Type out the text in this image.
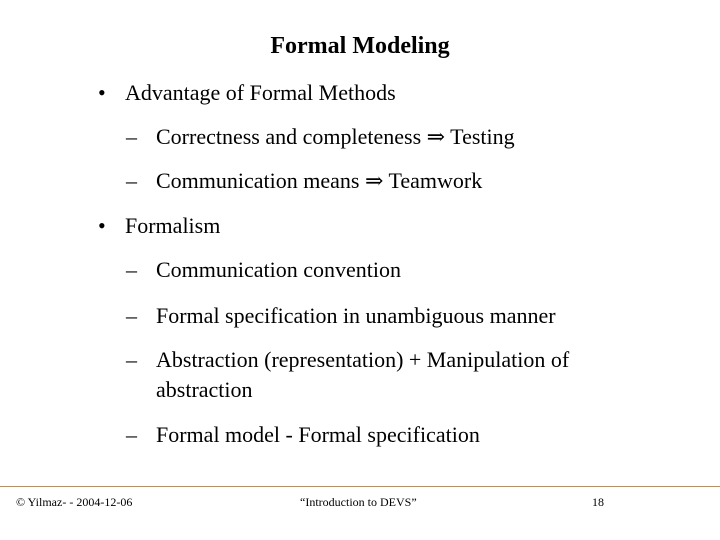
Formal Modeling
• Advantage of Formal Methods
– Correctness and completeness ⇒ Testing
– Communication means ⇒ Teamwork
• Formalism
– Communication convention
– Formal specification in unambiguous manner
– Abstraction (representation) + Manipulation of
abstraction
– Formal model - Formal specification
© Yilmaz- - 2004-12-06	“Introduction to DEVS”	18
